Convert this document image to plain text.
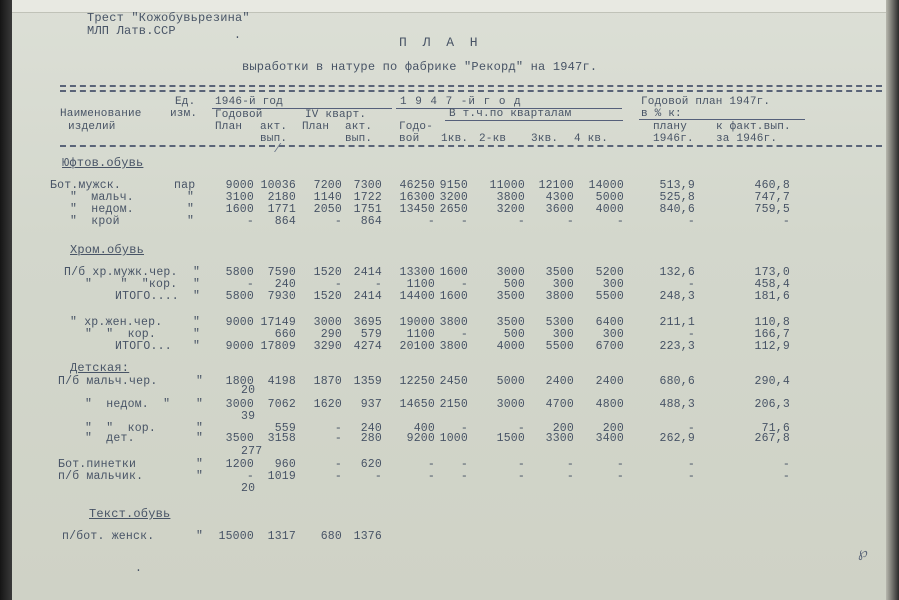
Трест "Кожобувьрезина"
МЛП Латв.ССР	.	П Л А Н
выработки в натуре по фабрике "Рекорд" на 1947г.
Наименование
изделий
Ед.
изм.
1946-й год
Годовой
План акт.
вып.
IV квaрт.
План акт.
вып.
1 9 4 7 -й г о д
Годо-
вой
В т.ч.по кварталам
1кв. 2-кв 3кв. 4 кв.
Годовой план 1947г.
в % к:
плану
1946г.
к факт.вып.
за 1946г.
/
Юфтов.обувь
Хром.обувь
Детская:
Текст.обувь
Бот.мужск.	пар	9000 10036 7200 7300 46250 9150 11000 12100 14000	513,9	460,8
"  мальч.	"	3100 2180 1140 1722 16300 3200 3800 4300 5000	525,8	747,7
"  недом.	"	1600 1771 2050 1751 13450 2650 3200 3600 4000	840,6	759,5
"  крой	"	- 864	- 864	- -	-	-	-	-	-
П/б хр.мужк.чер. " 5800 7590 1520 2414 13300 1600 3000 3500 5200	132,6	173,0
"    "  "кор. "	- 240	-	- 1100 -	500 300 300	-	458,4
ИТОГО.... " 5800 7930 1520 2414 14400 1600 3500 3800 5500	248,3	181,6
" хр.жен.чер.	" 9000 17149 3000 3695 19000 3800 3500 5300 6400	211,1	110,8
"  "  кор.	"	660 290 579 1100 -	500 300 300	-	166,7
ИТОГО... " 9000 17809 3290 4274 20100 3800 4000 5500 6700	223,3	112,9
П/б мальч.чер.	" 1800 4198 1870 1359 12250 2450 5000 2400 2400	680,6	290,4
"  недом.  " " 3000 7062 1620 937 14650 2150 3000 4700 4800	488,3	206,3
"  "  кор.	"	559	- 240	400 -	- 200 200	-	71,6
"  дет.	" 3500 3158	- 280 9200 1000 1500 3300 3400	262,9	267,8
Бот.пинетки	" 1200 960	- 620	- -	-	-	-	-	-
п/б мальчик.	"	- 1019	-	-	- -	-	-	-	-	-
п/бот. женск.	" 15000 1317 680 1376
20
39
277
20
.
℘
